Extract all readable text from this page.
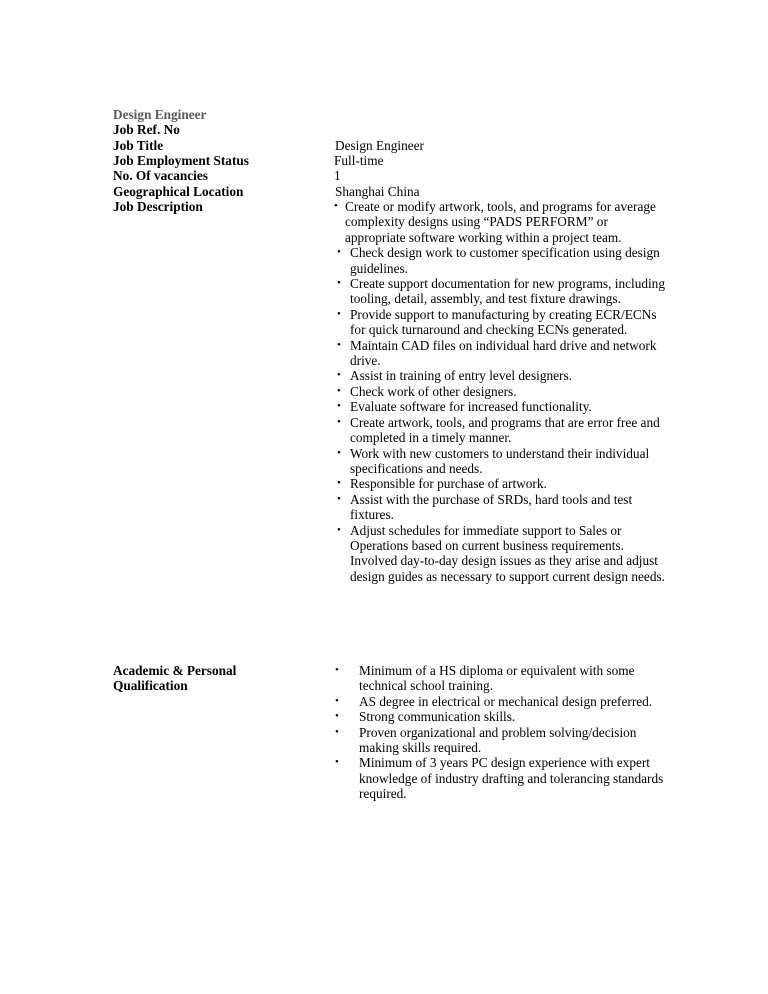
Design Engineer
Job Ref. No
Job Title
Job Employment Status
No. Of vacancies
Geographical Location
Job Description
Design Engineer
Full-time
1
Shanghai China
• Create or modify artwork, tools, and programs for average complexity designs using “PADS PERFORM” or appropriate software working within a project team.
• Check design work to customer specification using design guidelines.
• Create support documentation for new programs, including tooling, detail, assembly, and test fixture drawings.
• Provide support to manufacturing by creating ECR/ECNs for quick turnaround and checking ECNs generated.
• Maintain CAD files on individual hard drive and network drive.
• Assist in training of entry level designers.
• Check work of other designers.
• Evaluate software for increased functionality.
• Create artwork, tools, and programs that are error free and completed in a timely manner.
• Work with new customers to understand their individual specifications and needs.
• Responsible for purchase of artwork.
• Assist with the purchase of SRDs, hard tools and test fixtures.
• Adjust schedules for immediate support to Sales or Operations based on current business requirements. Involved day-to-day design issues as they arise and adjust design guides as necessary to support current design needs.
Academic & Personal Qualification
• Minimum of a HS diploma or equivalent with some technical school training.
• AS degree in electrical or mechanical design preferred.
• Strong communication skills.
• Proven organizational and problem solving/decision making skills required.
• Minimum of 3 years PC design experience with expert knowledge of industry drafting and tolerancing standards required.
